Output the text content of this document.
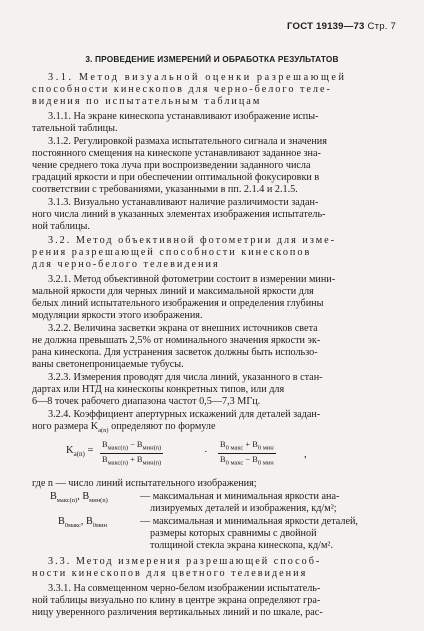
ГОСТ 19139—73 Стр. 7
3. ПРОВЕДЕНИЕ ИЗМЕРЕНИЙ И ОБРАБОТКА РЕЗУЛЬТАТОВ
3.1. Метод визуальной оценки разрешающей
способности кинескопов для черно-белого теле-
видения по испытательным таблицам
3.1.1. На экране кинескопа устанавливают изображение испы-
тательной таблицы.
3.1.2. Регулировкой размаха испытательного сигнала и значения
постоянного смещения на кинескопе устанавливают заданное зна-
чение среднего тока луча при воспроизведении заданного числа
градаций яркости и при обеспечении оптимальной фокусировки в
соответствии с требованиями, указанными в пп. 2.1.4 и 2.1.5.
3.1.3. Визуально устанавливают наличие различимости задан-
ного числа линий в указанных элементах изображения испытатель-
ной таблицы.
3.2. Метод объективной фотометрии для изме-
рения разрешающей способности кинескопов
для черно-белого телевидения
3.2.1. Метод объективной фотометрии состоит в измерении мини-
мальной яркости для черных линий и максимальной яркости для
белых линий испытательного изображения и определения глубины
модуляции яркости этого изображения.
3.2.2. Величина засветки экрана от внешних источников света
не должна превышать 2,5% от номинального значения яркости эк-
рана кинескопа. Для устранения засветок должны быть использо-
ваны светонепроницаемые тубусы.
3.2.3. Измерения проводят для числа линий, указанного в стан-
дартах или НТД на кинескопы конкретных типов, или для
6—8 точек рабочего диапазона частот 0,5—7,3 МГц.
3.2.4. Коэффициент апертурных искажений для деталей задан-
ного размера $K_{а(n)}$ определяют по формуле
$K_{а(n)}$ =
$B_{макс(n)} - B_{мин(n)}$
$B_{макс(n)} + B_{мин(n)}$
·
$B_{0 макс} + B_{0 мин}$
$B_{0 макс} - B_{0 мин}$
,
где n — число линий испытательного изображения;
$B_{макс(n)}$, $B_{мин(n)}$	— максимальная и минимальная яркости ана-
лизируемых деталей и изображения, кд/м²;
$B_{0макс}$, $B_{0мин}$	— максимальная и минимальная яркости деталей,
размеры которых сравнимы с двойной
толщиной стекла экрана кинескопа, кд/м².
3.3. Метод измерения разрешающей способ-
ности кинескопов для цветного телевидения
3.3.1. На совмещенном черно-белом изображении испытатель-
ной таблицы визуально по клину в центре экрана определяют гра-
ницу уверенного различения вертикальных линий и по шкале, рас-
